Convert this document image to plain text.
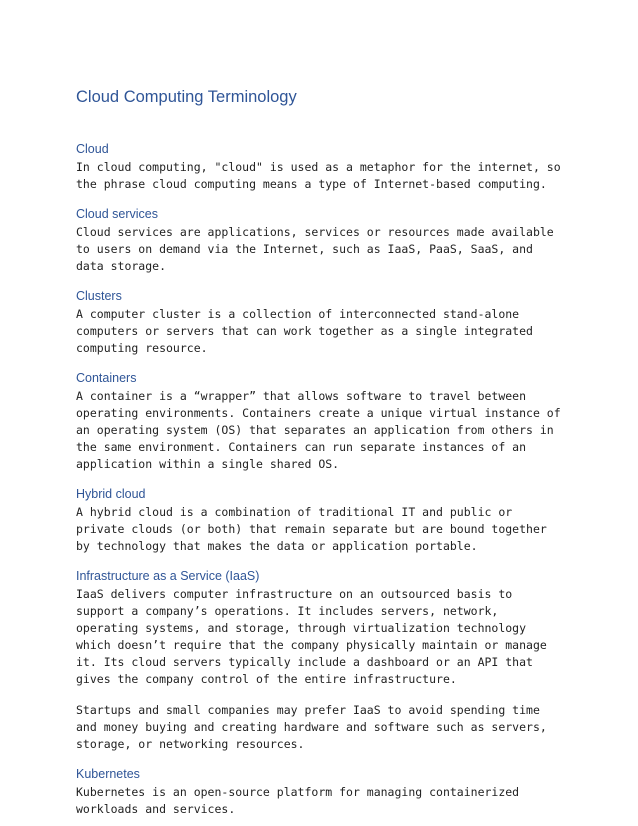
Cloud Computing Terminology
Cloud

In cloud computing, "cloud" is used as a metaphor for the internet, so
the phrase cloud computing means a type of Internet-based computing.

Cloud services

Cloud services are applications, services or resources made available
to users on demand via the Internet, such as IaaS, PaaS, SaaS, and
data storage.

Clusters

A computer cluster is a collection of interconnected stand-alone
computers or servers that can work together as a single integrated
computing resource.

Containers

A container is a “wrapper” that allows software to travel between
operating environments. Containers create a unique virtual instance of
an operating system (OS) that separates an application from others in
the same environment. Containers can run separate instances of an
application within a single shared OS.

Hybrid cloud

A hybrid cloud is a combination of traditional IT and public or
private clouds (or both) that remain separate but are bound together
by technology that makes the data or application portable.

Infrastructure as a Service (IaaS)

IaaS delivers computer infrastructure on an outsourced basis to
support a company’s operations. It includes servers, network,
operating systems, and storage, through virtualization technology
which doesn’t require that the company physically maintain or manage
it. Its cloud servers typically include a dashboard or an API that
gives the company control of the entire infrastructure.

Startups and small companies may prefer IaaS to avoid spending time
and money buying and creating hardware and software such as servers,
storage, or networking resources.

Kubernetes

Kubernetes is an open-source platform for managing containerized
workloads and services.
